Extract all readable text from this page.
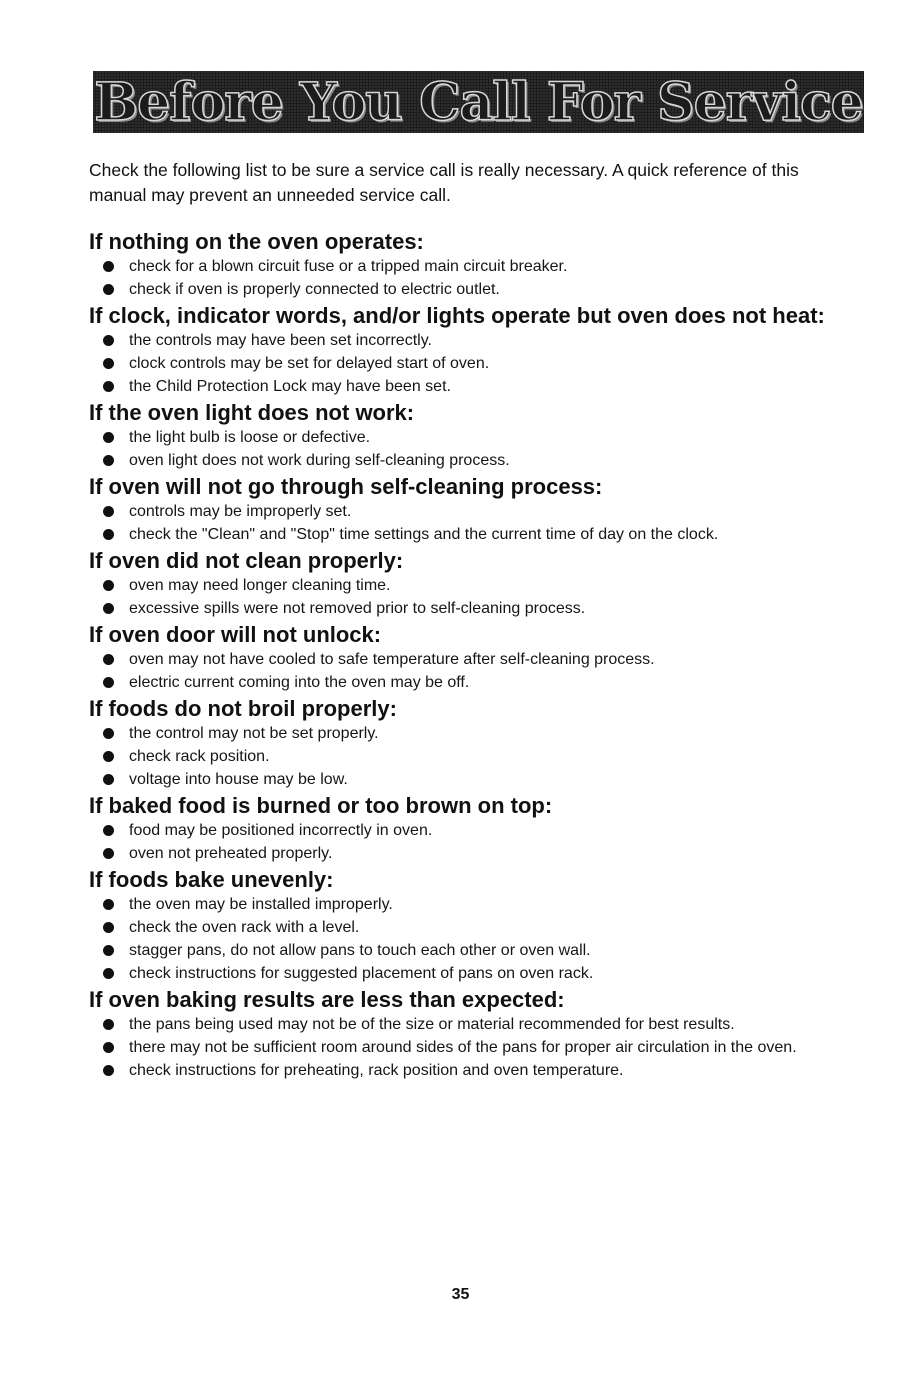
Before You Call For Service

Check the following list to be sure a service call is really necessary. A quick reference of this manual may prevent an unneeded service call.

If nothing on the oven operates:
check for a blown circuit fuse or a tripped main circuit breaker.
check if oven is properly connected to electric outlet.
If clock, indicator words, and/or lights operate but oven does not heat:
the controls may have been set incorrectly.
clock controls may be set for delayed start of oven.
the Child Protection Lock may have been set.
If the oven light does not work:
the light bulb is loose or defective.
oven light does not work during self-cleaning process.
If oven will not go through self-cleaning process:
controls may be improperly set.
check the "Clean" and "Stop" time settings and the current time of day on the clock.
If oven did not clean properly:
oven may need longer cleaning time.
excessive spills were not removed prior to self-cleaning process.
If oven door will not unlock:
oven may not have cooled to safe temperature after self-cleaning process.
electric current coming into the oven may be off.
If foods do not broil properly:
the control may not be set properly.
check rack position.
voltage into house may be low.
If baked food is burned or too brown on top:
food may be positioned incorrectly in oven.
oven not preheated properly.
If foods bake unevenly:
the oven may be installed improperly.
check the oven rack with a level.
stagger pans, do not allow pans to touch each other or oven wall.
check instructions for suggested placement of pans on oven rack.
If oven baking results are less than expected:
the pans being used may not be of the size or material recommended for best results.
there may not be sufficient room around sides of the pans for proper air circulation in the oven.
check instructions for preheating, rack position and oven temperature.
35
